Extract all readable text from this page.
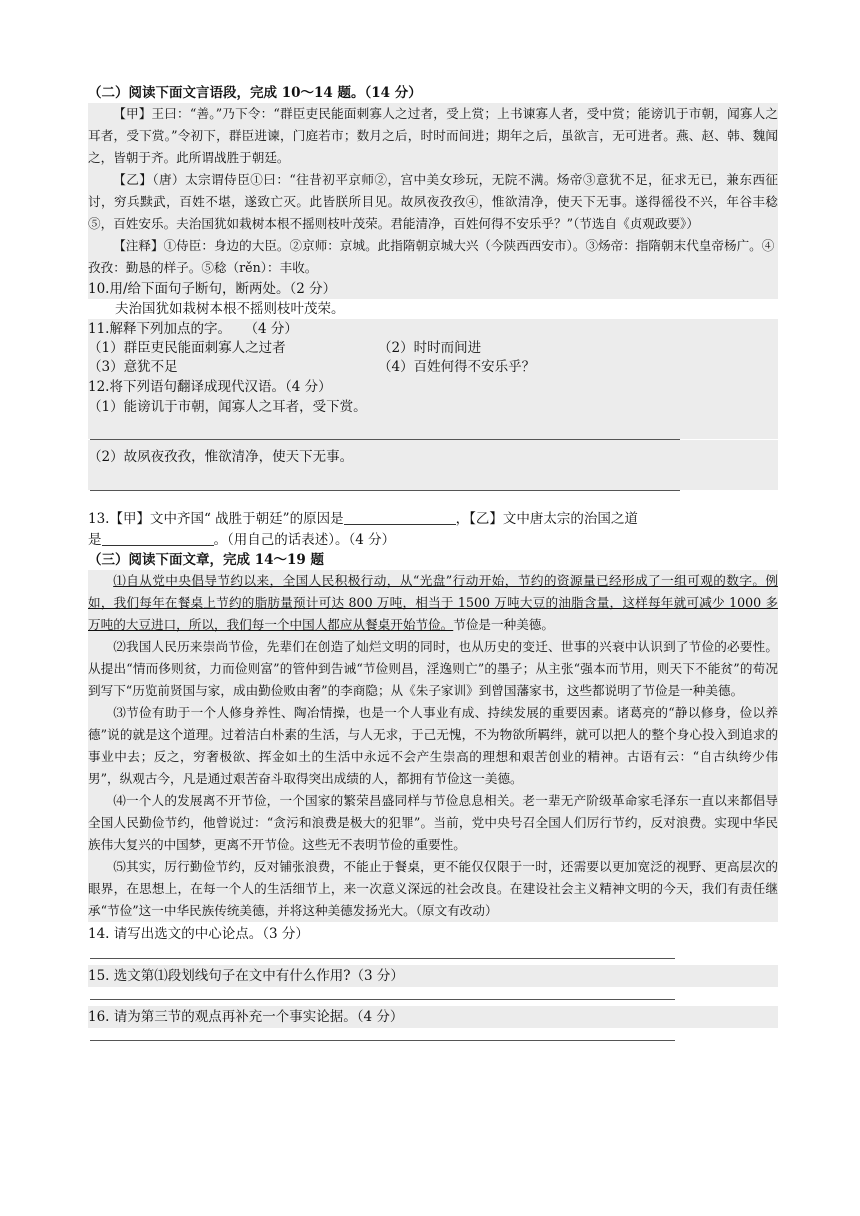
（二）阅读下面文言语段，完成 10～14 题。（14 分）
【甲】王曰：“善。”乃下令：“群臣吏民能面刺寡人之过者，受上赏；上书谏寡人者，受中赏；能谤讥于市朝，闻寡人之耳者，受下赏。”令初下，群臣进谏，门庭若市；数月之后，时时而间进；期年之后，虽欲言，无可进者。燕、赵、韩、魏闻之，皆朝于齐。此所谓战胜于朝廷。
【乙】（唐）太宗谓侍臣①曰：“往昔初平京师②，宫中美女珍玩，无院不满。炀帝③意犹不足，征求无已，兼东西征讨，穷兵黩武，百姓不堪，遂致亡灭。此皆朕所目见。故夙夜孜孜④，惟欲清净，使天下无事。遂得徭役不兴，年谷丰稔⑤，百姓安乐。夫治国犹如栽树本根不摇则枝叶茂荣。君能清净，百姓何得不安乐乎？”（节选自《贞观政要》）
【注释】①侍臣：身边的大臣。②京师：京城。此指隋朝京城大兴（今陕西西安市）。③炀帝：指隋朝末代皇帝杨广。④孜孜：勤恳的样子。⑤稔（rěn）：丰收。
10.用/给下面句子断句，断两处。（2 分）
夫治国犹如栽树本根不摇则枝叶茂荣。
11.解释下列加点的字。　　（4 分）
（1）群臣吏民能面刺寡人之过者	（2）时时而间进
（3）意犹不足	（4）百姓何得不安乐乎？
12.将下列语句翻译成现代汉语。（4 分）
（1）能谤讥于市朝，闻寡人之耳者，受下赏。
（2）故夙夜孜孜，惟欲清净，使天下无事。
13.【甲】文中齐国“ 战胜于朝廷”的原因是	，【乙】文中唐太宗的治国之道
是	。（用自己的话表述）。（4 分）
（三）阅读下面文章，完成 14～19 题
⑴自从党中央倡导节约以来，全国人民积极行动，从“光盘”行动开始，节约的资源量已经形成了一组可观的数字。例如，我们每年在餐桌上节约的脂肪量预计可达 800 万吨，相当于 1500 万吨大豆的油脂含量，这样每年就可减少 1000 多万吨的大豆进口，所以，我们每一个中国人都应从餐桌开始节俭。节俭是一种美德。
⑵我国人民历来崇尚节俭，先辈们在创造了灿烂文明的同时，也从历史的变迁、世事的兴衰中认识到了节俭的必要性。从提出“情而侈则贫，力而俭则富”的管仲到告诫“节俭则昌，淫逸则亡”的墨子；从主张“强本而节用，则天下不能贫”的荀况到写下“历览前贤国与家，成由勤俭败由奢”的李商隐；从《朱子家训》到曾国藩家书，这些都说明了节俭是一种美德。
⑶节俭有助于一个人修身养性、陶冶情操，也是一个人事业有成、持续发展的重要因素。诸葛亮的“静以修身，俭以养德”说的就是这个道理。过着洁白朴素的生活，与人无求，于己无愧，不为物欲所羁绊，就可以把人的整个身心投入到追求的事业中去；反之，穷奢极欲、挥金如土的生活中永远不会产生崇高的理想和艰苦创业的精神。古语有云：“自古纨绔少伟男”，纵观古今，凡是通过艰苦奋斗取得突出成绩的人，都拥有节俭这一美德。
⑷一个人的发展离不开节俭，一个国家的繁荣昌盛同样与节俭息息相关。老一辈无产阶级革命家毛泽东一直以来都倡导全国人民勤俭节约，他曾说过：“贪污和浪费是极大的犯罪”。当前，党中央号召全国人们厉行节约，反对浪费。实现中华民族伟大复兴的中国梦，更离不开节俭。这些无不表明节俭的重要性。
⑸其实，厉行勤俭节约，反对铺张浪费，不能止于餐桌，更不能仅仅限于一时，还需要以更加宽泛的视野、更高层次的眼界，在思想上，在每一个人的生活细节上，来一次意义深远的社会改良。在建设社会主义精神文明的今天，我们有责任继承“节俭”这一中华民族传统美德，并将这种美德发扬光大。（原文有改动）
14. 请写出选文的中心论点。（3 分）
15. 选文第⑴段划线句子在文中有什么作用?（3 分）
16. 请为第三节的观点再补充一个事实论据。（4 分）
